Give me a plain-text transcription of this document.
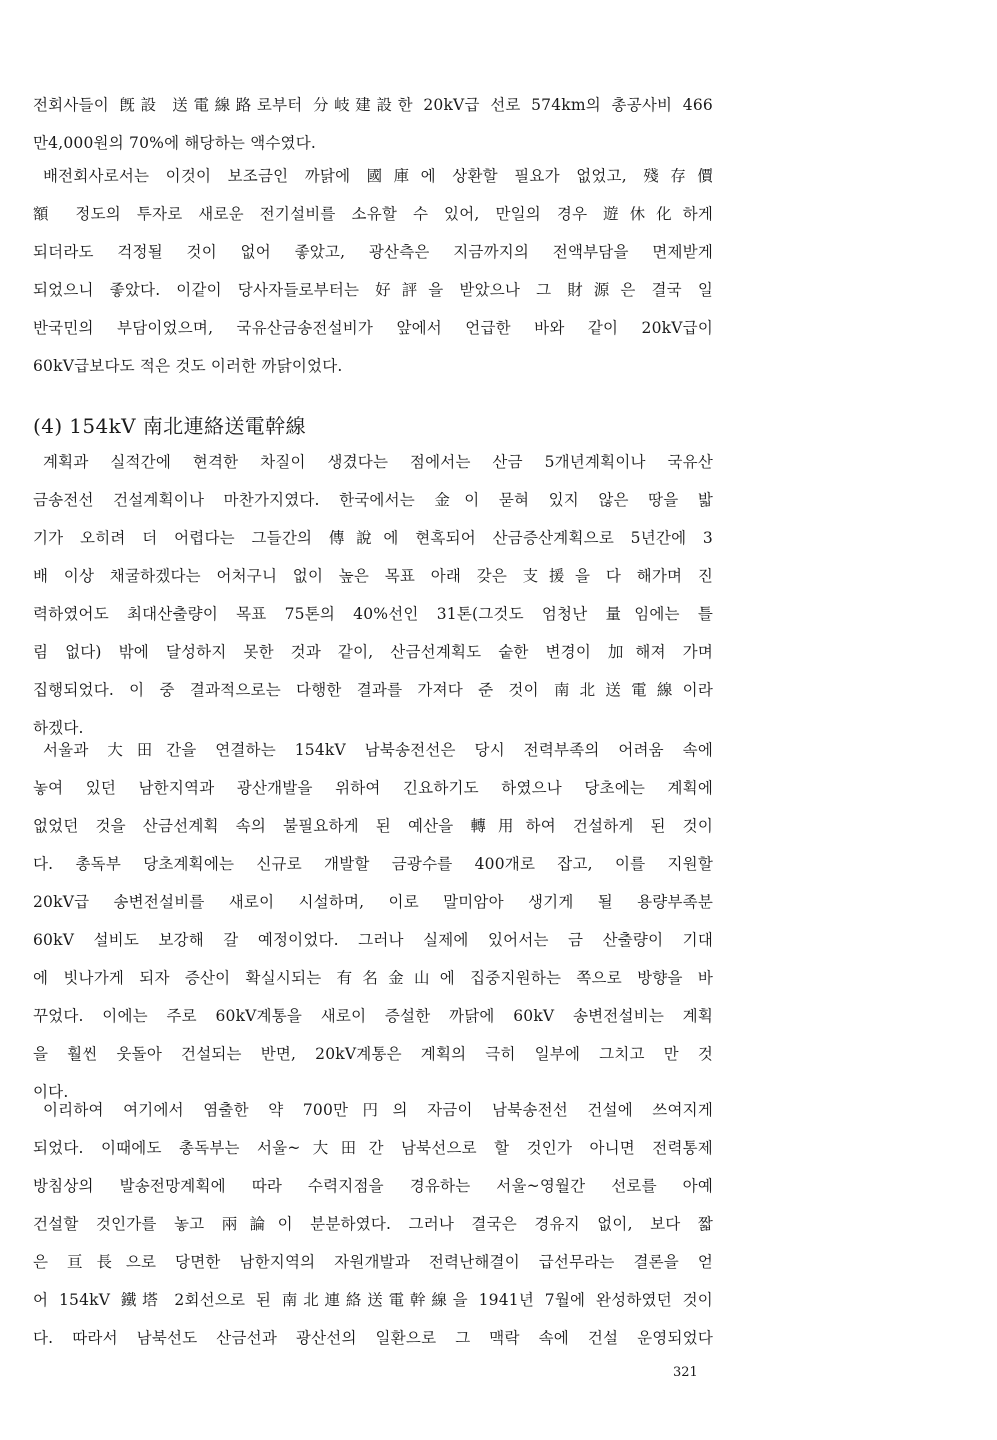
전회사들이 旣設 送電線路로부터 分岐建設한 20kV급 선로 574km의 총공사비 466
만4,000원의 70%에 해당하는 액수였다.
배전회사로서는 이것이 보조금인 까닭에 國庫에 상환할 필요가 없었고, 殘存價
額 정도의 투자로 새로운 전기설비를 소유할 수 있어, 만일의 경우 遊休化하게
되더라도 걱정될 것이 없어 좋았고, 광산측은 지금까지의 전액부담을 면제받게
되었으니 좋았다. 이같이 당사자들로부터는 好評을 받았으나 그 財源은 결국 일
반국민의 부담이었으며, 국유산금송전설비가 앞에서 언급한 바와 같이 20kV급이
60kV급보다도 적은 것도 이러한 까닭이었다.
(4) 154kV 南北連絡送電幹線
계획과 실적간에 현격한 차질이 생겼다는 점에서는 산금 5개년계획이나 국유산
금송전선 건설계획이나 마찬가지였다. 한국에서는 金이 묻혀 있지 않은 땅을 밟
기가 오히려 더 어렵다는 그들간의 傳說에 현혹되어 산금증산계획으로 5년간에 3
배 이상 채굴하겠다는 어처구니 없이 높은 목표 아래 갖은 支援을 다 해가며 진
력하였어도 최대산출량이 목표 75톤의 40%선인 31톤(그것도 엄청난 量임에는 틀
림 없다) 밖에 달성하지 못한 것과 같이, 산금선계획도 숱한 변경이 加해져 가며
집행되었다. 이 중 결과적으로는 다행한 결과를 가져다 준 것이 南北送電線이라
하겠다.
서울과 大田간을 연결하는 154kV 남북송전선은 당시 전력부족의 어려움 속에
놓여 있던 남한지역과 광산개발을 위하여 긴요하기도 하였으나 당초에는 계획에
없었던 것을 산금선계획 속의 불필요하게 된 예산을 轉用하여 건설하게 된 것이
다. 총독부 당초계획에는 신규로 개발할 금광수를 400개로 잡고, 이를 지원할
20kV급 송변전설비를 새로이 시설하며, 이로 말미암아 생기게 될 용량부족분
60kV 설비도 보강해 갈 예정이었다. 그러나 실제에 있어서는 금 산출량이 기대
에 빗나가게 되자 증산이 확실시되는 有名金山에 집중지원하는 쪽으로 방향을 바
꾸었다. 이에는 주로 60kV계통을 새로이 증설한 까닭에 60kV 송변전설비는 계획
을 훨씬 웃돌아 건설되는 반면, 20kV계통은 계획의 극히 일부에 그치고 만 것
이다.
이리하여 여기에서 염출한 약 700만円의 자금이 남북송전선 건설에 쓰여지게
되었다. 이때에도 총독부는 서울~大田간 남북선으로 할 것인가 아니면 전력통제
방침상의 발송전망계획에 따라 수력지점을 경유하는 서울~영월간 선로를 아예
건설할 것인가를 놓고 兩論이 분분하였다. 그러나 결국은 경유지 없이, 보다 짧
은 亘長으로 당면한 남한지역의 자원개발과 전력난해결이 급선무라는 결론을 얻
어 154kV 鐵塔 2회선으로 된 南北連絡送電幹線을 1941년 7월에 완성하였던 것이
다. 따라서 남북선도 산금선과 광산선의 일환으로 그 맥락 속에 건설 운영되었다
321
